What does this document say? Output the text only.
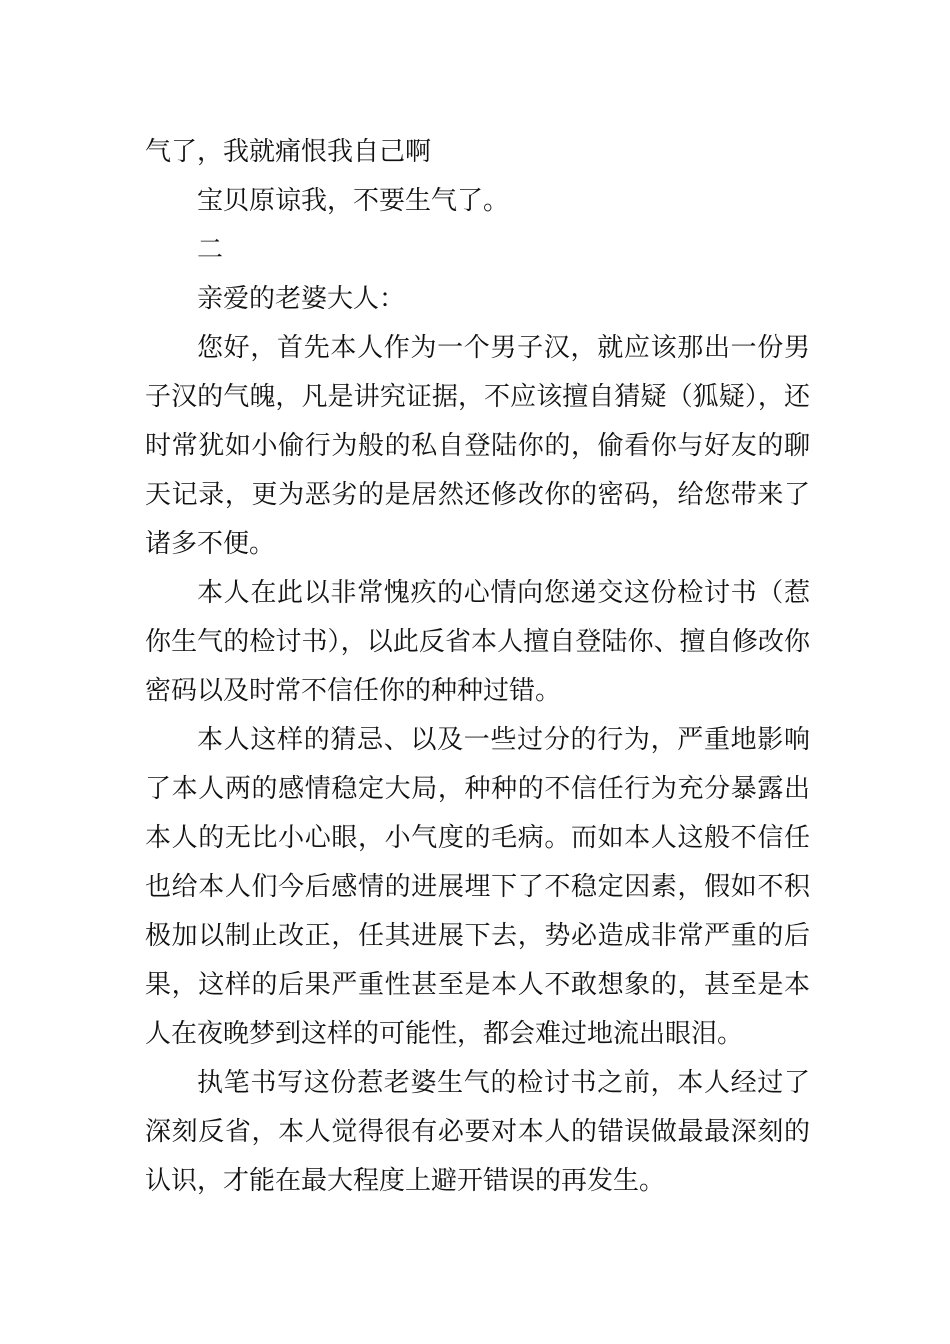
气了，我就痛恨我自己啊

宝贝原谅我，不要生气了。

二

亲爱的老婆大人：

您好，首先本人作为一个男子汉，就应该那出一份男子汉的气魄，凡是讲究证据，不应该擅自猜疑（狐疑），还时常犹如小偷行为般的私自登陆你的，偷看你与好友的聊天记录，更为恶劣的是居然还修改你的密码，给您带来了诸多不便。

本人在此以非常愧疚的心情向您递交这份检讨书（惹你生气的检讨书），以此反省本人擅自登陆你、擅自修改你密码以及时常不信任你的种种过错。

本人这样的猜忌、以及一些过分的行为，严重地影响了本人两的感情稳定大局，种种的不信任行为充分暴露出本人的无比小心眼，小气度的毛病。而如本人这般不信任也给本人们今后感情的进展埋下了不稳定因素，假如不积极加以制止改正，任其进展下去，势必造成非常严重的后果，这样的后果严重性甚至是本人不敢想象的，甚至是本人在夜晚梦到这样的可能性，都会难过地流出眼泪。

执笔书写这份惹老婆生气的检讨书之前，本人经过了深刻反省，本人觉得很有必要对本人的错误做最最深刻的认识，才能在最大程度上避开错误的再发生。
